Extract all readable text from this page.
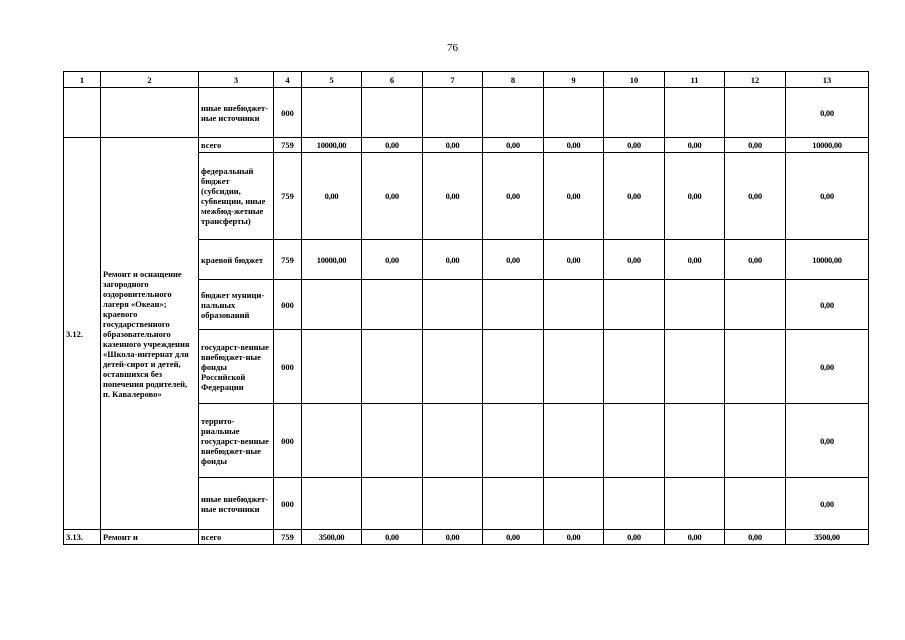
76
1	2	3	4	5	6	7	8	9	10	11	12	13
		иные внебюджет-ные источники	000									0,00
3.12.	Ремонт и оснащение загородного оздоровительного лагеря «Океан»; краевого государственного образовательного казенного учреждения «Школа-интернат для детей-сирот и детей, оставшихся без попечения родителей, п. Кавалерово»	всего	759	10000,00	0,00	0,00	0,00	0,00	0,00	0,00	0,00	10000,00
		федеральный бюджет (субсидии, субвенции, иные межбюд-жетные трансферты)	759	0,00	0,00	0,00	0,00	0,00	0,00	0,00	0,00	0,00
		краевой бюджет	759	10000,00	0,00	0,00	0,00	0,00	0,00	0,00	0,00	10000,00
		бюджет муници-пальных образований	000									0,00
		государст-венные внебюджет-ные фонды Российской Федерации	000									0,00
		террито-риальные государст-венные внебюджет-ные фонды	000									0,00
		иные внебюджет-ные источники	000									0,00
3.13.	Ремонт и	всего	759	3500,00	0,00	0,00	0,00	0,00	0,00	0,00	0,00	3500,00
